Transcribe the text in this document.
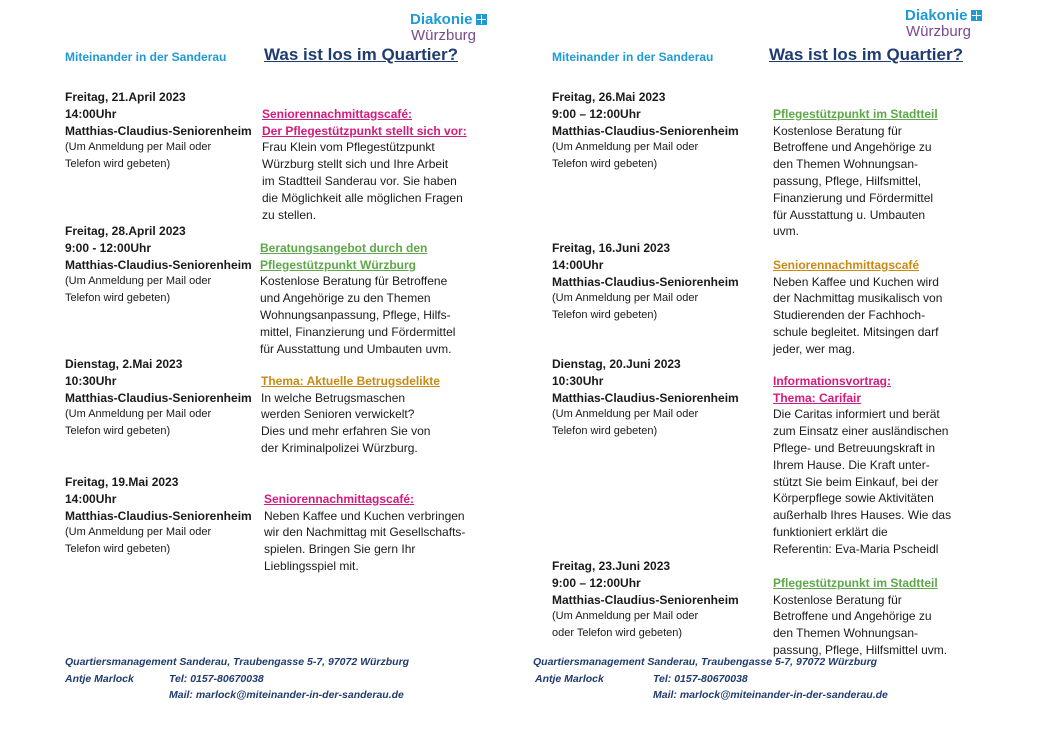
Diakonie
Würzburg
Miteinander in der Sanderau Was ist los im Quartier?
Freitag, 21.April 2023
14:00Uhr
Matthias-Claudius-Seniorenheim
(Um Anmeldung per Mail oder
Telefon wird gebeten)

Seniorennachmittagscafé:
Der Pflegestützpunkt stellt sich vor:
Frau Klein vom Pflegestützpunkt
Würzburg stellt sich und Ihre Arbeit
im Stadtteil Sanderau vor. Sie haben
die Möglichkeit alle möglichen Fragen
zu stellen.

Freitag, 28.April 2023
9:00 - 12:00Uhr
Matthias-Claudius-Seniorenheim
(Um Anmeldung per Mail oder
Telefon wird gebeten)

Beratungsangebot durch den
Pflegestützpunkt Würzburg
Kostenlose Beratung für Betroffene
und Angehörige zu den Themen
Wohnungsanpassung, Pflege, Hilfs-
mittel, Finanzierung und Fördermittel
für Ausstattung und Umbauten uvm.

Dienstag, 2.Mai 2023
10:30Uhr
Matthias-Claudius-Seniorenheim
(Um Anmeldung per Mail oder
Telefon wird gebeten)

Thema: Aktuelle Betrugsdelikte
In welche Betrugsmaschen
werden Senioren verwickelt?
Dies und mehr erfahren Sie von
der Kriminalpolizei Würzburg.

Freitag, 19.Mai 2023
14:00Uhr
Matthias-Claudius-Seniorenheim
(Um Anmeldung per Mail oder
Telefon wird gebeten)

Seniorennachmittagscafé:
Neben Kaffee und Kuchen verbringen
wir den Nachmittag mit Gesellschafts-
spielen. Bringen Sie gern Ihr
Lieblingsspiel mit.

Quartiersmanagement Sanderau, Traubengasse 5-7, 97072 Würzburg
Antje Marlock	Tel: 0157-80670038
Mail: marlock@miteinander-in-der-sanderau.de
Diakonie
Würzburg
Miteinander in der Sanderau	Was ist los im Quartier?
Freitag, 26.Mai 2023
9:00 – 12:00Uhr
Matthias-Claudius-Seniorenheim
(Um Anmeldung per Mail oder
Telefon wird gebeten)

Pflegestützpunkt im Stadtteil
Kostenlose Beratung für
Betroffene und Angehörige zu
den Themen Wohnungsan-
passung, Pflege, Hilfsmittel,
Finanzierung und Fördermittel
für Ausstattung u. Umbauten
uvm.

Freitag, 16.Juni 2023
14:00Uhr
Matthias-Claudius-Seniorenheim
(Um Anmeldung per Mail oder
Telefon wird gebeten)

Seniorennachmittagscafé
Neben Kaffee und Kuchen wird
der Nachmittag musikalisch von
Studierenden der Fachhoch-
schule begleitet. Mitsingen darf
jeder, wer mag.

Dienstag, 20.Juni 2023
10:30Uhr
Matthias-Claudius-Seniorenheim
(Um Anmeldung per Mail oder
Telefon wird gebeten)

Informationsvortrag:
Thema: Carifair
Die Caritas informiert und berät
zum Einsatz einer ausländischen
Pflege- und Betreuungskraft in
Ihrem Hause. Die Kraft unter-
stützt Sie beim Einkauf, bei der
Körperpflege sowie Aktivitäten
außerhalb Ihres Hauses. Wie das
funktioniert erklärt die
Referentin: Eva-Maria Pscheidl

Freitag, 23.Juni 2023
9:00 – 12:00Uhr
Matthias-Claudius-Seniorenheim
(Um Anmeldung per Mail oder
oder Telefon wird gebeten)

Pflegestützpunkt im Stadtteil
Kostenlose Beratung für
Betroffene und Angehörige zu
den Themen Wohnungsan-
passung, Pflege, Hilfsmittel uvm.

Quartiersmanagement Sanderau, Traubengasse 5-7, 97072 Würzburg
Antje Marlock	Tel: 0157-80670038
Mail: marlock@miteinander-in-der-sanderau.de
